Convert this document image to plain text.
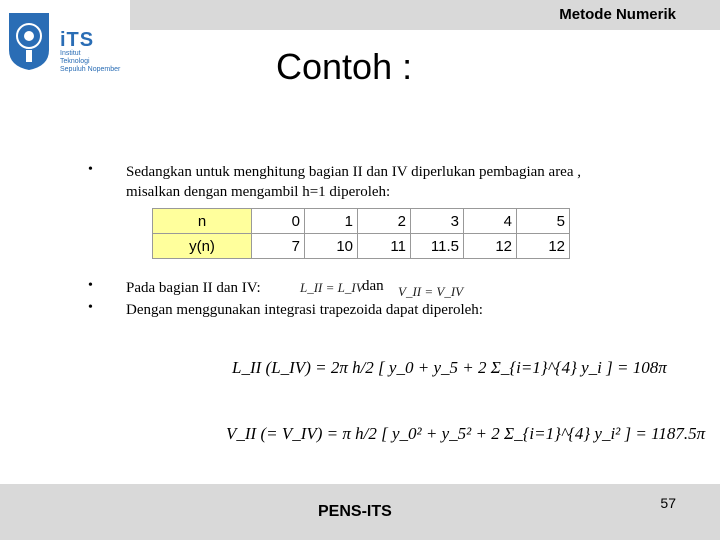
Metode Numerik
iTS
Institut
Teknologi
Sepuluh Nopember	Contoh :
•	Sedangkan untuk menghitung bagian II dan IV diperlukan pembagian area ,
misalkan dengan mengambil h=1 diperoleh:
•	Pada bagian II dan IV:
•	Dengan menggunakan integrasi trapezoida dapat diperoleh:
L_II = L_IV
dan V_II = V_IV
n	0	1	2	3	4	5
y(n)	7	10	11	11.5	12	12
L_II (L_IV) = 2π h/2 [ y_0 + y_5 + 2 Σ_{i=1}^{4} y_i ] = 108π
V_II (= V_IV) = π h/2 [ y_0² + y_5² + 2 Σ_{i=1}^{4} y_i² ] = 1187.5π
PENS-ITS	57
